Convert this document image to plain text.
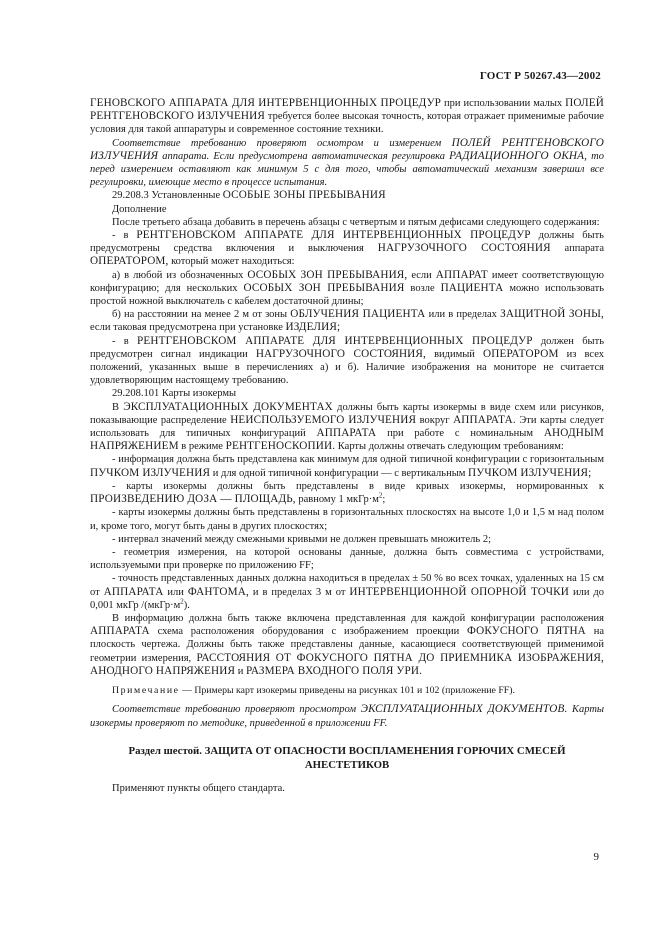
ГОСТ Р 50267.43—2002

ГЕНОВСКОГО АППАРАТА ДЛЯ ИНТЕРВЕНЦИОННЫХ ПРОЦЕДУР при использовании малых ПОЛЕЙ РЕНТГЕНОВСКОГО ИЗЛУЧЕНИЯ требуется более высокая точность, которая отражает применимые рабочие условия для такой аппаратуры и современное состояние техники.

Соответствие требованию проверяют осмотром и измерением ПОЛЕЙ РЕНТГЕНОВСКОГО ИЗЛУЧЕНИЯ аппарата. Если предусмотрена автоматическая регулировка РАДИАЦИОННОГО ОКНА, то перед измерением оставляют как минимум 5 с для того, чтобы автоматический механизм завершил все регулировки, имеющие место в процессе испытания.

29.208.3 Установленные ОСОБЫЕ ЗОНЫ ПРЕБЫВАНИЯ

Дополнение

После третьего абзаца добавить в перечень абзацы с четвертым и пятым дефисами следующего содержания:

- в РЕНТГЕНОВСКОМ АППАРАТЕ ДЛЯ ИНТЕРВЕНЦИОННЫХ ПРОЦЕДУР должны быть предусмотрены средства включения и выключения НАГРУЗОЧНОГО СОСТОЯНИЯ аппарата ОПЕРАТОРОМ, который может находиться:

а) в любой из обозначенных ОСОБЫХ ЗОН ПРЕБЫВАНИЯ, если АППАРАТ имеет соответствующую конфигурацию; для нескольких ОСОБЫХ ЗОН ПРЕБЫВАНИЯ возле ПАЦИЕНТА можно использовать простой ножной выключатель с кабелем достаточной длины;

б) на расстоянии на менее 2 м от зоны ОБЛУЧЕНИЯ ПАЦИЕНТА или в пределах ЗАЩИТНОЙ ЗОНЫ, если таковая предусмотрена при установке ИЗДЕЛИЯ;

- в РЕНТГЕНОВСКОМ АППАРАТЕ ДЛЯ ИНТЕРВЕНЦИОННЫХ ПРОЦЕДУР должен быть предусмотрен сигнал индикации НАГРУЗОЧНОГО СОСТОЯНИЯ, видимый ОПЕРАТОРОМ из всех положений, указанных выше в перечислениях а) и б). Наличие изображения на мониторе не считается удовлетворяющим настоящему требованию.

29.208.101 Карты изокермы

В ЭКСПЛУАТАЦИОННЫХ ДОКУМЕНТАХ должны быть карты изокермы в виде схем или рисунков, показывающие распределение НЕИСПОЛЬЗУЕМОГО ИЗЛУЧЕНИЯ вокруг АППАРАТА. Эти карты следует использовать для типичных конфигураций АППАРАТА при работе с номинальным АНОДНЫМ НАПРЯЖЕНИЕМ в режиме РЕНТГЕНОСКОПИИ. Карты должны отвечать следующим требованиям:

- информация должна быть представлена как минимум для одной типичной конфигурации с горизонтальным ПУЧКОМ ИЗЛУЧЕНИЯ и для одной типичной конфигурации — с вертикальным ПУЧКОМ ИЗЛУЧЕНИЯ;

- карты изокермы должны быть представлены в виде кривых изокермы, нормированных к ПРОИЗВЕДЕНИЮ ДОЗА — ПЛОЩАДЬ, равному 1 $мкГр\cdot м^2$;

- карты изокермы должны быть представлены в горизонтальных плоскостях на высоте 1,0 и 1,5 м над полом и, кроме того, могут быть даны в других плоскостях;

- интервал значений между смежными кривыми не должен превышать множитель 2;

- геометрия измерения, на которой основаны данные, должна быть совместима с устройствами, используемыми при проверке по приложению FF;

- точность представленных данных должна находиться в пределах ± 50 % во всех точках, удаленных на 15 см от АППАРАТА или ФАНТОМА, и в пределах 3 м от ИНТЕРВЕНЦИОННОЙ ОПОРНОЙ ТОЧКИ или до 0,001 мкГр $/(мкГр\cdot м^2)$.

В информацию должна быть также включена представленная для каждой конфигурации расположения АППАРАТА схема расположения оборудования с изображением проекции ФОКУСНОГО ПЯТНА на плоскость чертежа. Должны быть также представлены данные, касающиеся соответствующей применимой геометрии измерения, РАССТОЯНИЯ ОТ ФОКУСНОГО ПЯТНА ДО ПРИЕМНИКА ИЗОБРАЖЕНИЯ, АНОДНОГО НАПРЯЖЕНИЯ и РАЗМЕРА ВХОДНОГО ПОЛЯ УРИ.

Примечание — Примеры карт изокермы приведены на рисунках 101 и 102 (приложение FF).

Соответствие требованию проверяют просмотром ЭКСПЛУАТАЦИОННЫХ ДОКУМЕНТОВ. Карты изокермы проверяют по методике, приведенной в приложении FF.

Раздел шестой. ЗАЩИТА ОТ ОПАСНОСТИ ВОСПЛАМЕНЕНИЯ ГОРЮЧИХ СМЕСЕЙ АНЕСТЕТИКОВ

Применяют пункты общего стандарта.

9
